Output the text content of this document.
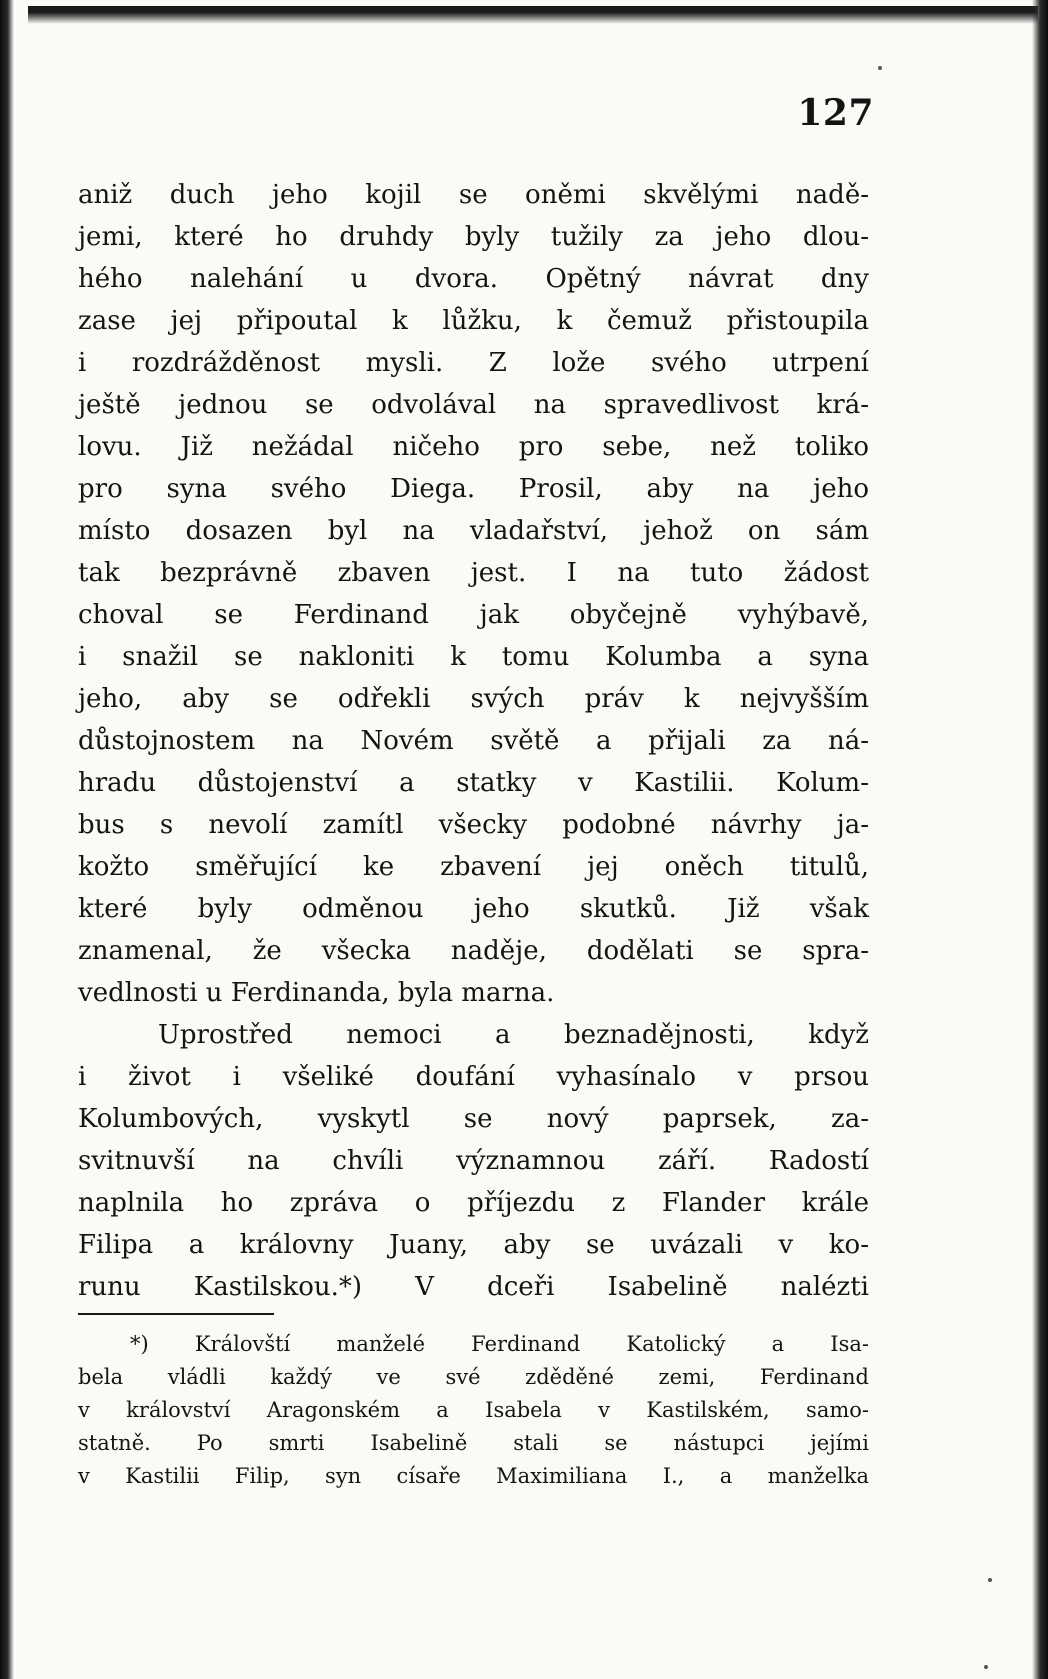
127
aniž duch jeho kojil se oněmi skvělými nadě-
jemi, které ho druhdy byly tužily za jeho dlou-
hého nalehání u dvora. Opětný návrat dny
zase jej připoutal k lůžku, k čemuž přistoupila
i rozdrážděnost mysli. Z lože svého utrpení
ještě jednou se odvolával na spravedlivost krá-
lovu. Již nežádal ničeho pro sebe, než toliko
pro syna svého Diega. Prosil, aby na jeho
místo dosazen byl na vladařství, jehož on sám
tak bezprávně zbaven jest. I na tuto žádost
choval se Ferdinand jak obyčejně vyhýbavě,
i snažil se nakloniti k tomu Kolumba a syna
jeho, aby se odřekli svých práv k nejvyšším
důstojnostem na Novém světě a přijali za ná-
hradu důstojenství a statky v Kastilii. Kolum-
bus s nevolí zamítl všecky podobné návrhy ja-
kožto směřující ke zbavení jej oněch titulů,
které byly odměnou jeho skutků. Již však
znamenal, že všecka naděje, dodělati se spra-
vedlnosti u Ferdinanda, byla marna.
Uprostřed nemoci a beznadějnosti, když
i život i všeliké doufání vyhasínalo v prsou
Kolumbových, vyskytl se nový paprsek, za-
svitnuvší na chvíli významnou září. Radostí
naplnila ho zpráva o příjezdu z Flander krále
Filipa a královny Juany, aby se uvázali v ko-
runu Kastilskou.*) V dceři Isabelině nalézti
*) Královští manželé Ferdinand Katolický a Isa-
bela vládli každý ve své zděděné zemi, Ferdinand
v království Aragonském a Isabela v Kastilském, samo-
statně. Po smrti Isabelině stali se nástupci jejími
v Kastilii Filip, syn císaře Maximiliana I., a manželka
